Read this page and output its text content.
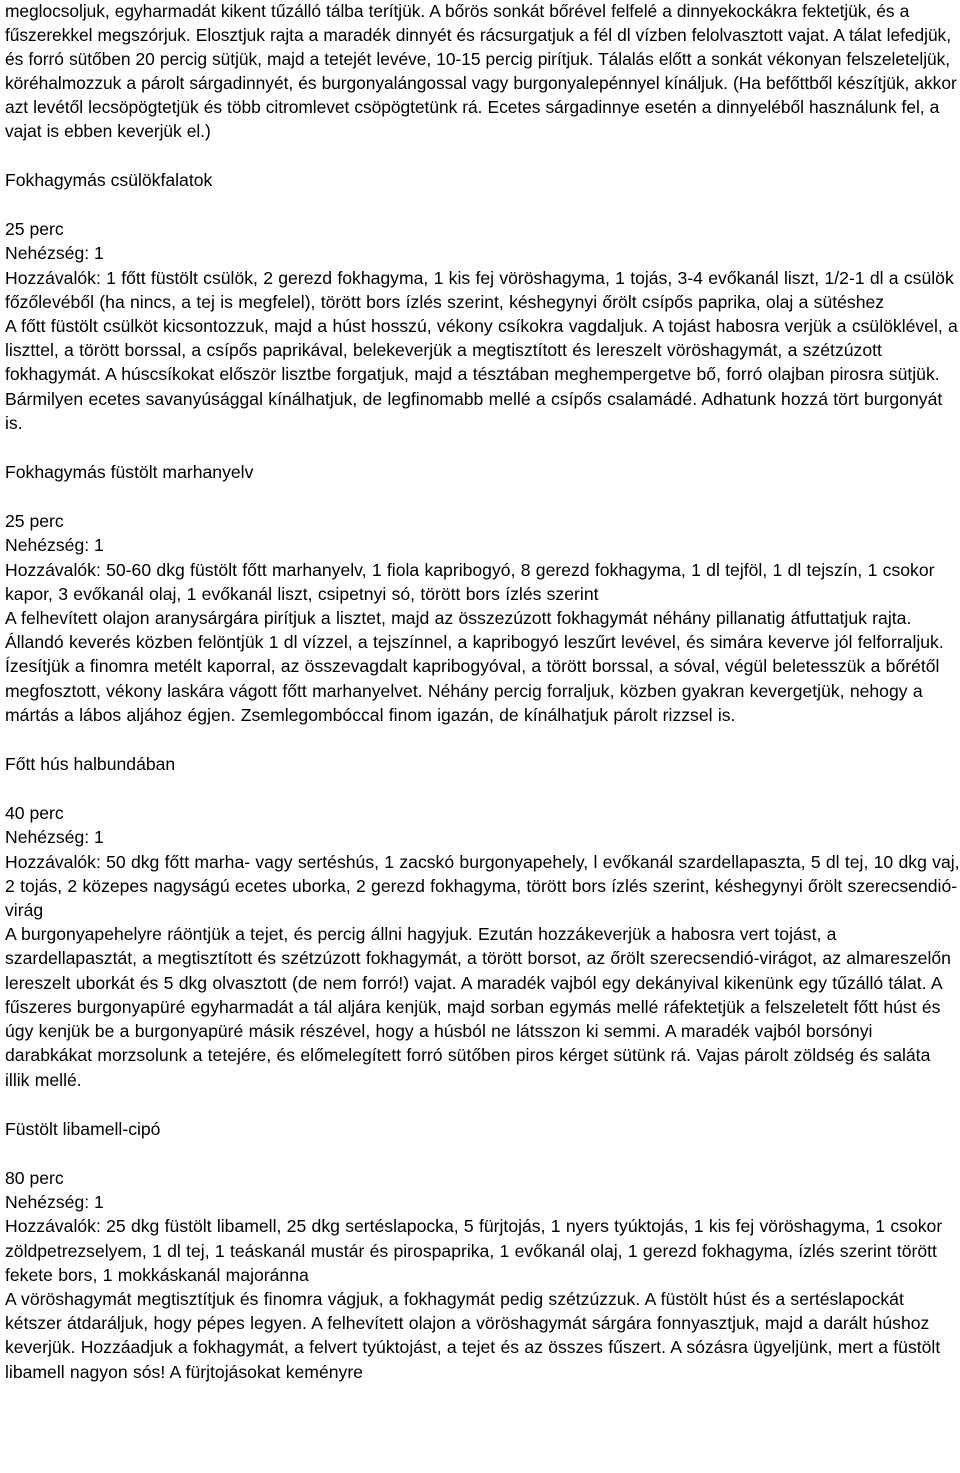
meglocsoljuk, egyharmadát kikent tűzálló tálba terítjük. A bőrös sonkát bőrével felfelé a dinnyekockákra fektetjük, és a fűszerekkel megszórjuk. Elosztjuk rajta a maradék dinnyét és rácsurgatjuk a fél dl vízben felolvasztott vajat. A tálat lefedjük, és forró sütőben 20 percig sütjük, majd a tetejét levéve, 10-15 percig pirítjuk. Tálalás előtt a sonkát vékonyan felszeleteljük, köréhalmozzuk a párolt sárgadinnyét, és burgonyalángossal vagy burgonyalepénnyel kínáljuk. (Ha befőttből készítjük, akkor azt levétől lecsöpögtetjük és több citromlevet csöpögtetünk rá. Ecetes sárgadinnye esetén a dinnyeléből használunk fel, a vajat is ebben keverjük el.)

Fokhagymás csülökfalatok

25 perc

Nehézség: 1

Hozzávalók: 1 főtt füstölt csülök, 2 gerezd fokhagyma, 1 kis fej vöröshagyma, 1 tojás, 3-4 evőkanál liszt, 1/2-1 dl a csülök főzőlevéből (ha nincs, a tej is megfelel), törött bors ízlés szerint, késhegynyi őrölt csípős paprika, olaj a sütéshez

A főtt füstölt csülköt kicsontozzuk, majd a húst hosszú, vékony csíkokra vagdaljuk. A tojást habosra verjük a csülöklével, a liszttel, a törött borssal, a csípős paprikával, belekeverjük a megtisztított és lereszelt vöröshagymát, a szétzúzott fokhagymát. A húscsíkokat először lisztbe forgatjuk, majd a tésztában meghempergetve bő, forró olajban pirosra sütjük. Bármilyen ecetes savanyúsággal kínálhatjuk, de legfinomabb mellé a csípős csalamádé. Adhatunk hozzá tört burgonyát is.

Fokhagymás füstölt marhanyelv

25 perc

Nehézség: 1

Hozzávalók: 50-60 dkg füstölt főtt marhanyelv, 1 fiola kapribogyó, 8 gerezd fokhagyma, 1 dl tejföl, 1 dl tejszín, 1 csokor kapor, 3 evőkanál olaj, 1 evőkanál liszt, csipetnyi só, törött bors ízlés szerint

A felhevített olajon aranysárgára pirítjuk a lisztet, majd az összezúzott fokhagymát néhány pillanatig átfuttatjuk rajta. Állandó keverés közben felöntjük 1 dl vízzel, a tejszínnel, a kapribogyó leszűrt levével, és simára keverve jól felforraljuk. Ízesítjük a finomra metélt kaporral, az összevagdalt kapribogyóval, a törött borssal, a sóval, végül beletesszük a bőrétől megfosztott, vékony laskára vágott főtt marhanyelvet. Néhány percig forraljuk, közben gyakran kevergetjük, nehogy a mártás a lábos aljához égjen. Zsemlegombóccal finom igazán, de kínálhatjuk párolt rizzsel is.

Főtt hús halbundában

40 perc

Nehézség: 1

Hozzávalók: 50 dkg főtt marha- vagy sertéshús, 1 zacskó burgonyapehely, l evőkanál szardellapaszta, 5 dl tej, 10 dkg vaj, 2 tojás, 2 közepes nagyságú ecetes uborka, 2 gerezd fokhagyma, törött bors ízlés szerint, késhegynyi őrölt szerecsendió-virág

A burgonyapehelyre ráöntjük a tejet, és percig állni hagyjuk. Ezután hozzákeverjük a habosra vert tojást, a szardellapasztát, a megtisztított és szétzúzott fokhagymát, a törött borsot, az őrölt szerecsendió-virágot, az almareszelőn lereszelt uborkát és 5 dkg olvasztott (de nem forró!) vajat. A maradék vajból egy dekányival kikenünk egy tűzálló tálat. A fűszeres burgonyapüré egyharmadát a tál aljára kenjük, majd sorban egymás mellé ráfektetjük a felszeletelt főtt húst és úgy kenjük be a burgonyapüré másik részével, hogy a húsból ne látsszon ki semmi. A maradék vajból borsónyi darabkákat morzsolunk a tetejére, és előmelegített forró sütőben piros kérget sütünk rá. Vajas párolt zöldség és saláta illik mellé.

Füstölt libamell-cipó

80 perc

Nehézség: 1

Hozzávalók: 25 dkg füstölt libamell, 25 dkg sertéslapocka, 5 fürjtojás, 1 nyers tyúktojás, 1 kis fej vöröshagyma, 1 csokor zöldpetrezselyem, 1 dl tej, 1 teáskanál mustár és pirospaprika, 1 evőkanál olaj, 1 gerezd fokhagyma, ízlés szerint törött fekete bors, 1 mokkáskanál majoránna

A vöröshagymát megtisztítjuk és finomra vágjuk, a fokhagymát pedig szétzúzzuk. A füstölt húst és a sertéslapockát kétszer átdaráljuk, hogy pépes legyen. A felhevített olajon a vöröshagymát sárgára fonnyasztjuk, majd a darált húshoz keverjük. Hozzáadjuk a fokhagymát, a felvert tyúktojást, a tejet és az összes fűszert. A sózásra ügyeljünk, mert a füstölt libamell nagyon sós! A fürjtojásokat keményre
